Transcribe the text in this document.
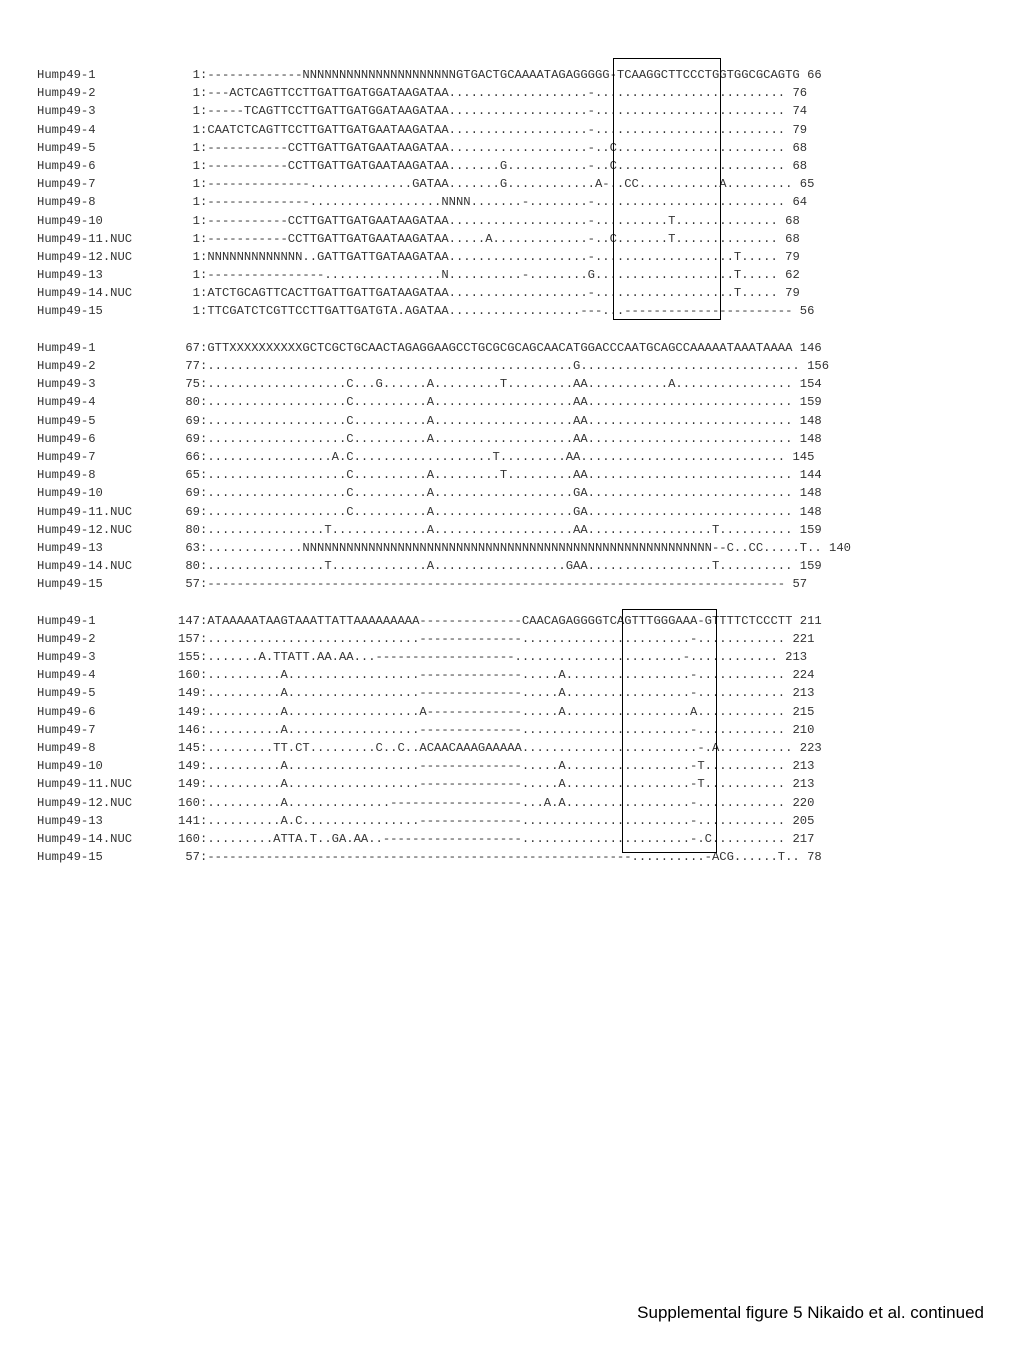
Hump49-1	1:-------------NNNNNNNNNNNNNNNNNNNNNGTGACTGCAAAATAGAGGGGG-TCAAGGCTTCCCTGGTGGCGCAGTG 66
Hump49-2	1:---ACTCAGTTCCTTGATTGATGGATAAGATAA...................-.......................... 76
Hump49-3	1:-----TCAGTTCCTTGATTGATGGATAAGATAA...................-.......................... 74
Hump49-4	1:CAATCTCAGTTCCTTGATTGATGAATAAGATAA...................-.......................... 79
Hump49-5	1:-----------CCTTGATTGATGAATAAGATAA...................-..C....................... 68
Hump49-6	1:-----------CCTTGATTGATGAATAAGATAA.......G...........-..C....................... 68
Hump49-7	1:--------------..............GATAA.......G............A-..CC...........A......... 65
Hump49-8	1:--------------..................NNNN.......-........-.......................... 64
Hump49-10	1:-----------CCTTGATTGATGAATAAGATAA...................-..........T.............. 68
Hump49-11.NUC	1:-----------CCTTGATTGATGAATAAGATAA.....A.............-..C.......T.............. 68
Hump49-12.NUC	1:NNNNNNNNNNNNN..GATTGATTGATAAGATAA...................-...................T..... 79
Hump49-13	1:----------------................N..........-........G...................T..... 62
Hump49-14.NUC	1:ATCTGCAGTTCACTTGATTGATTGATAAGATAA...................-...................T..... 79
Hump49-15	1:TTCGATCTCGTTCCTTGATTGATGTA.AGATAA..................---...----------------------- 56
Hump49-1	67:GTTXXXXXXXXXXGCTCGCTGCAACTAGAGGAAGCCTGCGCGCAGCAACATGGACCCAATGCAGCCAAAAATAAATAAAA 146
Hump49-2	77:..................................................G.............................. 156
Hump49-3	75:...................C...G......A.........T.........AA...........A................ 154
Hump49-4	80:...................C..........A...................AA............................ 159
Hump49-5	69:...................C..........A...................AA............................ 148
Hump49-6	69:...................C..........A...................AA............................ 148
Hump49-7	66:.................A.C...................T.........AA............................ 145
Hump49-8	65:...................C..........A.........T.........AA............................ 144
Hump49-10	69:...................C..........A...................GA............................ 148
Hump49-11.NUC	69:...................C..........A...................GA............................ 148
Hump49-12.NUC	80:................T.............A...................AA.................T.......... 159
Hump49-13	63:.............NNNNNNNNNNNNNNNNNNNNNNNNNNNNNNNNNNNNNNNNNNNNNNNNNNNNNNNN--C..CC.....T.. 140
Hump49-14.NUC	80:................T.............A..................GAA.................T.......... 159
Hump49-15	57:------------------------------------------------------------------------------- 57
Hump49-1	147:ATAAAAATAAGTAAATTATTAAAAAAAAA--------------CAACAGAGGGGTCAGTTTGGGAAA-GTTTTCTCCCTT 211
Hump49-2	157:.............................--------------.......................-............ 221
Hump49-3	155:.......A.TTATT.AA.AA...-------------------.......................-............ 213
Hump49-4	160:..........A..................--------------.....A.................-............ 224
Hump49-5	149:..........A..................--------------.....A.................-............ 213
Hump49-6	149:..........A..................A-------------.....A.................A............ 215
Hump49-7	146:..........A..................--------------.......................-............ 210
Hump49-8	145:.........TT.CT.........C..C..ACAACAAAGAAAAA........................-.A.......... 223
Hump49-10	149:..........A..................--------------.....A.................-T........... 213
Hump49-11.NUC	149:..........A..................--------------.....A.................-T........... 213
Hump49-12.NUC	160:..........A..............------------------...A.A.................-............ 220
Hump49-13	141:..........A.C................--------------.......................-............ 205
Hump49-14.NUC	160:.........ATTA.T..GA.AA..-------------------.......................-.C.......... 217
Hump49-15	57:----------------------------------------------------------..........-ACG......T.. 78
Supplemental figure 5 Nikaido et al. continued
